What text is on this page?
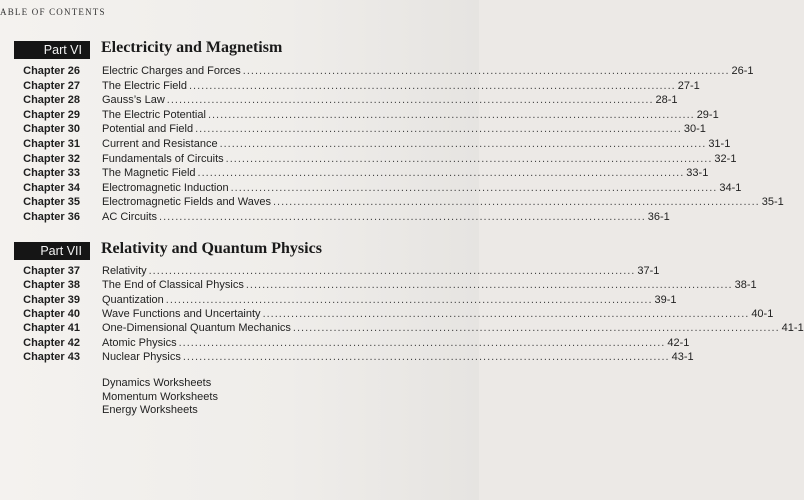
ABLE OF CONTENTS
Part VI	Electricity and Magnetism
Chapter 26 Electric Charges and Forces ........................................................................................................................ 26-1
Chapter 27 The Electric Field ........................................................................................................................ 27-1
Chapter 28 Gauss’s Law ........................................................................................................................ 28-1
Chapter 29 The Electric Potential ........................................................................................................................ 29-1
Chapter 30 Potential and Field ........................................................................................................................ 30-1
Chapter 31 Current and Resistance ........................................................................................................................ 31-1
Chapter 32 Fundamentals of Circuits ........................................................................................................................ 32-1
Chapter 33 The Magnetic Field ........................................................................................................................ 33-1
Chapter 34 Electromagnetic Induction ........................................................................................................................ 34-1
Chapter 35 Electromagnetic Fields and Waves ........................................................................................................................ 35-1
Chapter 36 AC Circuits ........................................................................................................................ 36-1
Part VII	Relativity and Quantum Physics
Chapter 37 Relativity ........................................................................................................................ 37-1
Chapter 38 The End of Classical Physics ........................................................................................................................ 38-1
Chapter 39 Quantization ........................................................................................................................ 39-1
Chapter 40 Wave Functions and Uncertainty ........................................................................................................................ 40-1
Chapter 41 One-Dimensional Quantum Mechanics ........................................................................................................................ 41-1
Chapter 42 Atomic Physics ........................................................................................................................ 42-1
Chapter 43 Nuclear Physics ........................................................................................................................ 43-1
Dynamics Worksheets
Momentum Worksheets
Energy Worksheets
